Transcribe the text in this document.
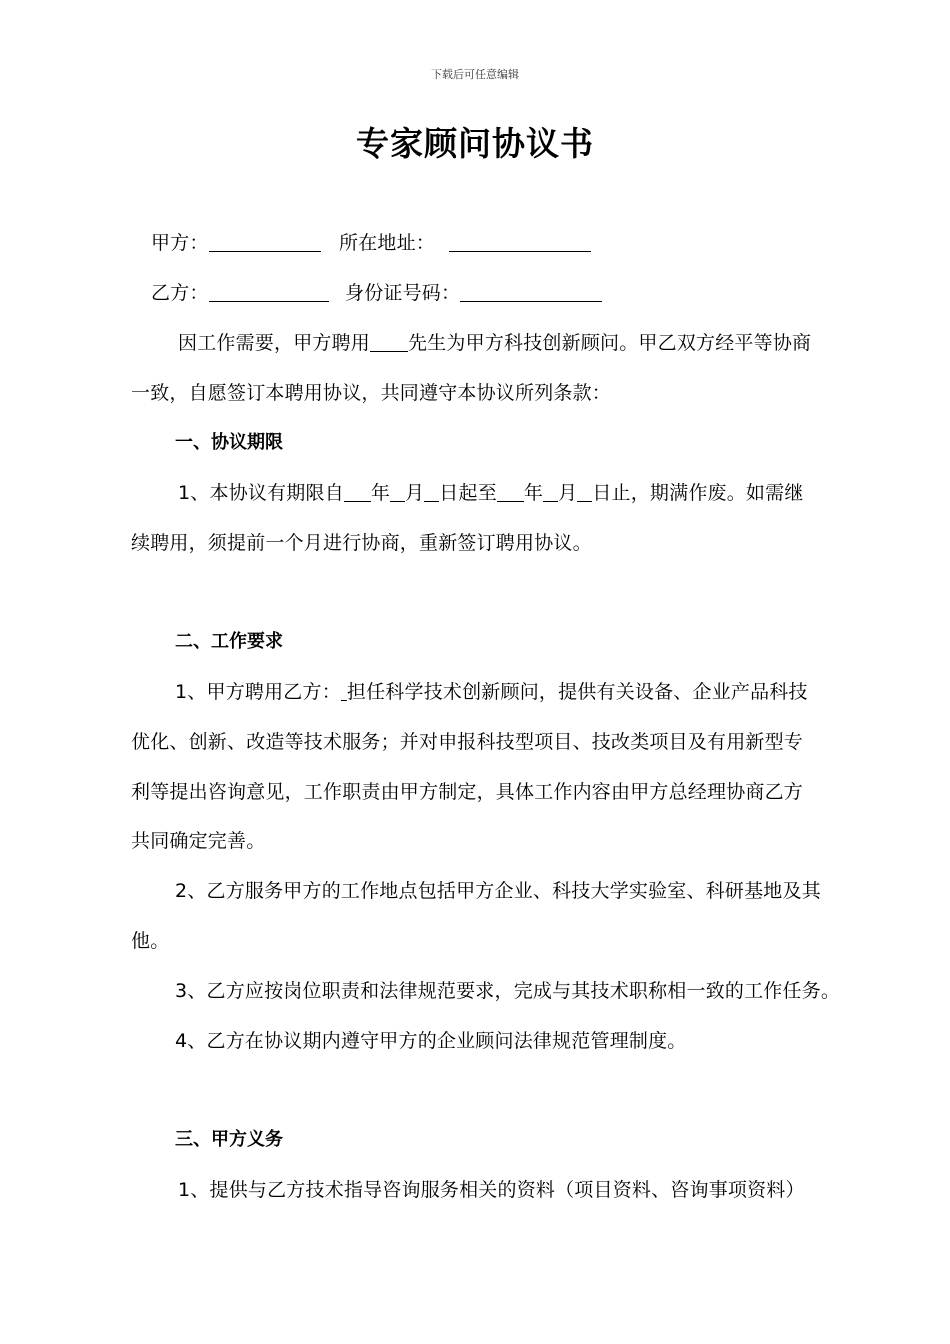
下载后可任意编辑
专家顾问协议书
甲方：	所在地址：
乙方：	身份证号码：
因工作需要，甲方聘用 先生为甲方科技创新顾问。甲乙双方经平等协商
一致，自愿签订本聘用协议，共同遵守本协议所列条款：
一、协议期限
1、本协议有期限自 年 月 日起至 年 月 日止，期满作废。如需继
续聘用，须提前一个月进行协商，重新签订聘用协议。
二、工作要求
1、甲方聘用乙方： 担任科学技术创新顾问，提供有关设备、企业产品科技
优化、创新、改造等技术服务；并对申报科技型项目、技改类项目及有用新型专
利等提出咨询意见，工作职责由甲方制定，具体工作内容由甲方总经理协商乙方
共同确定完善。
2、乙方服务甲方的工作地点包括甲方企业、科技大学实验室、科研基地及其
他。
3、乙方应按岗位职责和法律规范要求，完成与其技术职称相一致的工作任务。
4、乙方在协议期内遵守甲方的企业顾问法律规范管理制度。
三、甲方义务
1、提供与乙方技术指导咨询服务相关的资料（项目资料、咨询事项资料）
